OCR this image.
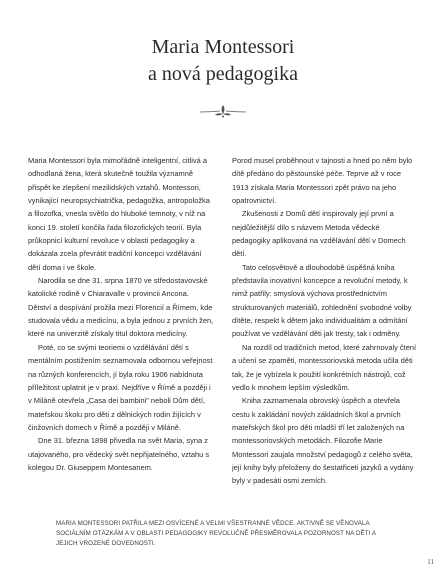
Maria Montessori
a nová pedagogika

Maria Montessori byla mimořádně inteligentní, citlivá a odhodlaná žena, která skutečně toužila významně přispět ke zlepšení mezilidských vztahů. Montessori, vynikající neuropsychiatrička, pedagožka, antropoložka a filozofka, vnesla světlo do hluboké temnoty, v níž na konci 19. století končila řada filozofických teorií. Byla průkopnicí kulturní revoluce v oblasti pedagogiky a dokázala zcela převrátit tradiční koncepci vzdělávání dětí doma i ve škole.

Narodila se dne 31. srpna 1870 ve středostavovské katolické rodině v Chiaravalle v provincii Ancona. Dětství a dospívání prožila mezi Florencií a Římem, kde studovala vědu a medicínu, a byla jednou z prvních žen, které na univerzitě získaly titul doktora medicíny.

Poté, co se svými teoriemi o vzdělávání dětí s mentálním postižením seznamovala odbornou veřejnost na různých konferencích, jí byla roku 1906 nabídnuta příležitost uplatnit je v praxi. Nejdříve v Římě a později i v Miláně otevřela „Casa dei bambini" neboli Dům dětí, mateřskou školu pro děti z dělnických rodin žijících v činžovních domech v Římě a později v Miláně.

Dne 31. března 1898 přivedla na svět Maria, syna z utajovaného, pro vědecký svět nepřijatelného, vztahu s kolegou Dr. Giuseppem Montesanem.

Porod musel proběhnout v tajnosti a hned po něm bylo dítě předáno do pěstounské péče. Teprve až v roce 1913 získala Maria Montessori zpět právo na jeho opatrovnictví.

Zkušenosti z Domů dětí inspirovaly její první a nejdůležitější dílo s názvem Metoda vědecké pedagogiky aplikovaná na vzdělávání dětí v Domech dětí.

Tato celosvětově a dlouhodobě úspěšná kniha představila inovativní koncepce a revoluční metody, k nimž patřily: smyslová výchova prostřednictvím strukturovaných materiálů, zohlednění svobodné volby dítěte, respekt k dětem jako individualitám a odmítání používat ve vzdělávání děti jak tresty, tak i odměny.

Na rozdíl od tradičních metod, které zahrnovaly čtení a učení se zpaměti, montessoriovská metoda učila děti tak, že je vybízela k použití konkrétních nástrojů, což vedlo k mnohem lepším výsledkům.

Kniha zaznamenala obrovský úspěch a otevřela cestu k zakládání nových základních škol a prvních mateřských škol pro děti mladší tří let založených na montessoriovských metodách. Filozofie Marie Montessori zaujala množství pedagogů z celého světa, její knihy byly přeloženy do šestatřiceti jazyků a vydány byly v padesáti osmi zemích.

MARIA MONTESSORI PATŘILA MEZI OSVÍCENÉ A VELMI VŠESTRANNÉ VĚDCE. AKTIVNĚ SE VĚNOVALA SOCIÁLNÍM OTÁZKÁM A V OBLASTI PEDAGOGIKY REVOLUČNĚ PŘESMĚROVALA POZORNOST NA DĚTI A JEJICH VROZENÉ DOVEDNOSTI.
11
